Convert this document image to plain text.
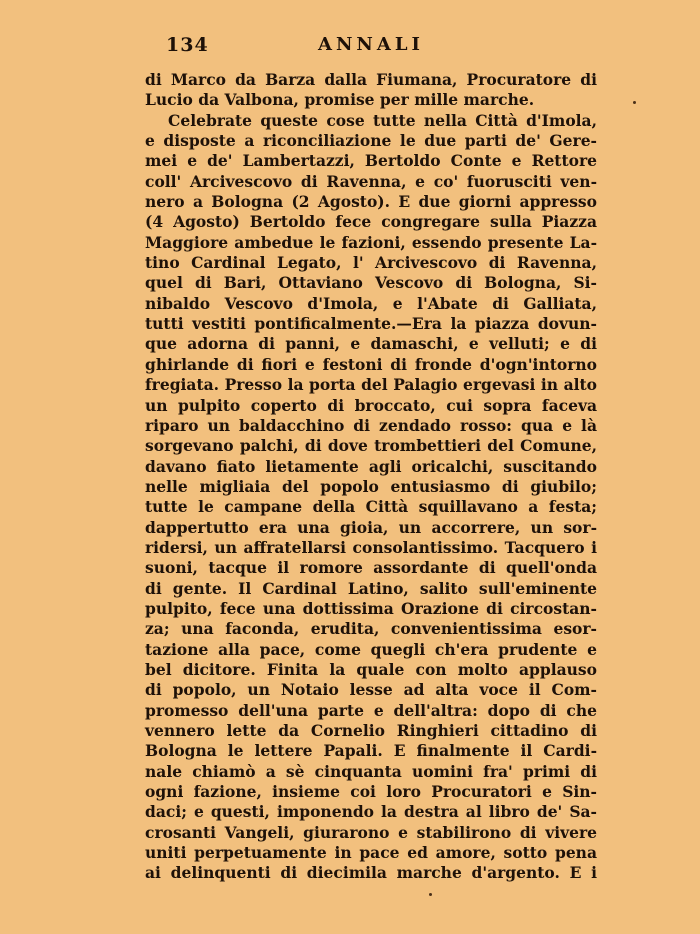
134	ANNALI
di Marco da Barza dalla Fiumana, Procuratore di
Lucio da Valbona, promise per mille marche.
Celebrate queste cose tutte nella Città d'Imola,
e disposte a riconciliazione le due parti de' Gere-
mei e de' Lambertazzi, Bertoldo Conte e Rettore
coll' Arcivescovo di Ravenna, e co' fuorusciti ven-
nero a Bologna (2 Agosto). E due giorni appresso
(4 Agosto) Bertoldo fece congregare sulla Piazza
Maggiore ambedue le fazioni, essendo presente La-
tino Cardinal Legato, l' Arcivescovo di Ravenna,
quel di Bari, Ottaviano Vescovo di Bologna, Si-
nibaldo Vescovo d'Imola, e l'Abate di Galliata,
tutti vestiti pontificalmente.—Era la piazza dovun-
que adorna di panni, e damaschi, e velluti; e di
ghirlande di fiori e festoni di fronde d'ogn'intorno
fregiata. Presso la porta del Palagio ergevasi in alto
un pulpito coperto di broccato, cui sopra faceva
riparo un baldacchino di zendado rosso: qua e là
sorgevano palchi, di dove trombettieri del Comune,
davano fiato lietamente agli oricalchi, suscitando
nelle migliaia del popolo entusiasmo di giubilo;
tutte le campane della Città squillavano a festa;
dappertutto era una gioia, un accorrere, un sor-
ridersi, un affratellarsi consolantissimo. Tacquero i
suoni, tacque il romore assordante di quell'onda
di gente. Il Cardinal Latino, salito sull'eminente
pulpito, fece una dottissima Orazione di circostan-
za; una faconda, erudita, convenientissima esor-
tazione alla pace, come quegli ch'era prudente e
bel dicitore. Finita la quale con molto applauso
di popolo, un Notaio lesse ad alta voce il Com-
promesso dell'una parte e dell'altra: dopo di che
vennero lette da Cornelio Ringhieri cittadino di
Bologna le lettere Papali. E finalmente il Cardi-
nale chiamò a sè cinquanta uomini fra' primi di
ogni fazione, insieme coi loro Procuratori e Sin-
daci; e questi, imponendo la destra al libro de' Sa-
crosanti Vangeli, giurarono e stabilirono di vivere
uniti perpetuamente in pace ed amore, sotto pena
ai delinquenti di diecimila marche d'argento. E i
